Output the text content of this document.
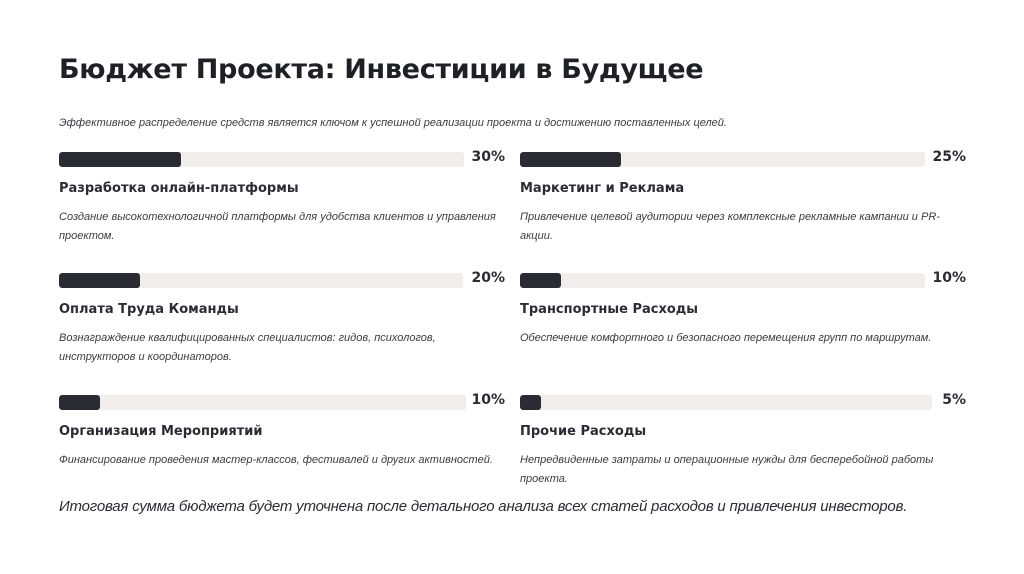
Бюджет Проекта: Инвестиции в Будущее
Эффективное распределение средств является ключом к успешной реализации проекта и достижению поставленных целей.
30%
Разработка онлайн-платформы
Создание высокотехнологичной платформы для удобства клиентов и управления проектом.
25%
Маркетинг и Реклама
Привлечение целевой аудитории через комплексные рекламные кампании и PR-акции.
20%
Оплата Труда Команды
Вознаграждение квалифицированных специалистов: гидов, психологов, инструкторов и координаторов.
10%
Транспортные Расходы
Обеспечение комфортного и безопасного перемещения групп по маршрутам.
10%
Организация Мероприятий
Финансирование проведения мастер-классов, фестивалей и других активностей.
5%
Прочие Расходы
Непредвиденные затраты и операционные нужды для бесперебойной работы проекта.
Итоговая сумма бюджета будет уточнена после детального анализа всех статей расходов и привлечения инвесторов.
